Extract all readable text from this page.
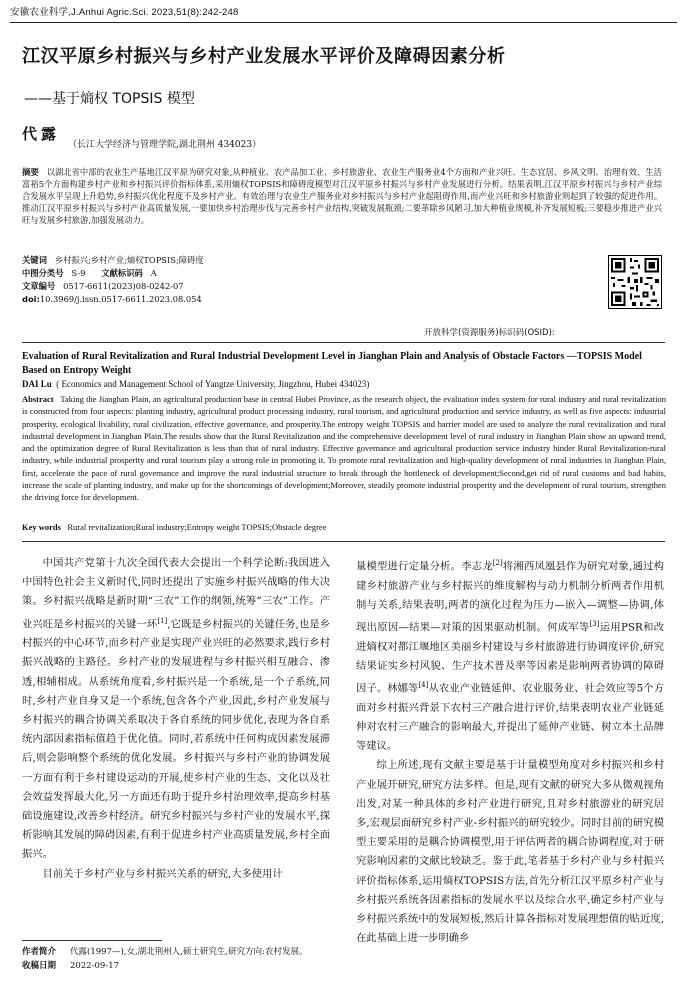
安徽农业科学,J.Anhui Agric.Sci. 2023,51(8):242-248
江汉平原乡村振兴与乡村产业发展水平评价及障碍因素分析
——基于熵权 TOPSIS 模型
代露
（长江大学经济与管理学院,湖北荆州 434023）
摘要 以湖北省中部的农业生产基地江汉平原为研究对象,从种植业、农产品加工业、乡村旅游业、农业生产服务业4个方面和产业兴旺、生态宜居、乡风文明、治理有效、生活富裕5个方面构建乡村产业和乡村振兴评价指标体系,采用熵权TOPSIS和障碍度模型对江汉平原乡村振兴与乡村产业发展进行分析。结果表明,江汉平原乡村振兴与乡村产业综合发展水平呈现上升趋势,乡村振兴优化程度不及乡村产业。有效治理与农业生产服务业对乡村振兴与乡村产业起阻碍作用,而产业兴旺和乡村旅游业则起到了较强的促进作用。推动江汉平原乡村振兴与乡村产业高质量发展,一要加快乡村治理步伐与完善乡村产业结构,突破发展瓶颈;二要革除乡风陋习,加大种植业规模,补齐发展短板;三要稳步推进产业兴旺与发展乡村旅游,加强发展动力。
关键词 乡村振兴;乡村产业;熵权TOPSIS;障碍度
中图分类号 S-9 文献标识码 A
文章编号 0517-6611(2023)08-0242-07
doi:10.3969/j.issn.0517-6611.2023.08.054
开放科学(资源服务)标识码(OSID):
Evaluation of Rural Revitalization and Rural Industrial Development Level in Jianghan Plain and Analysis of Obstacle Factors —TOPSIS Model Based on Entropy Weight
DAI Lu ( Economics and Management School of Yangtze University, Jingzhou, Hubei 434023)
Abstract Taking the Jianghan Plain, an agricultural production base in central Hubei Province, as the research object, the evaluation index system for rural industry and rural revitalization is constructed from four aspects: planting industry, agricultural product processing industry, rural tourism, and agricultural production and service industry, as well as five aspects: industrial prosperity, ecological livability, rural civilization, effective governance, and prosperity.The entropy weight TOPSIS and barrier model are used to analyze the rural revitalization and rural industrial development in Jianghan Plain.The results show that the Rural Revitalization and the comprehensive development level of rural industry in Jianghan Plain show an upward trend, and the optimization degree of Rural Revitalization is less than that of rural industry. Effective governance and agricultural production service industry hinder Rural Revitalization-rural industry, while industrial prosperity and rural tourism play a strong role in promoting it. To promote rural revitalization and high-quality development of rural industries in Jianghan Plain, first, accelerate the pace of rural governance and improve the rural industrial structure to break through the bottleneck of development;Second,get rid of rural customs and bad habits, increase the scale of planting industry, and make up for the shortcomings of development;Moreover, steadily promote industrial prosperity and the development of rural tourism, strengthen the driving force for development.
Key words Rural revitalization;Rural industry;Entropy weight TOPSIS;Obstacle degree

中国共产党第十九次全国代表大会提出一个科学论断:我国进入中国特色社会主义新时代,同时还提出了实施乡村振兴战略的伟大决策。乡村振兴战略是新时期“三农”工作的纲领,统筹“三农”工作。产业兴旺是乡村振兴的关键一环[1],它既是乡村振兴的关键任务,也是乡村振兴的中心环节,而乡村产业是实现产业兴旺的必然要求,践行乡村振兴战略的主路径。乡村产业的发展进程与乡村振兴相互融合、渗透,相辅相成。从系统角度看,乡村振兴是一个系统,是一个子系统,同时,乡村产业自身又是一个系统,包含各个产业,因此,乡村产业发展与乡村振兴的耦合协调关系取决于各自系统的同步优化,表现为各自系统内部因素指标值趋于优化值。同时,若系统中任何构成因素发展滞后,则会影响整个系统的优化发展。乡村振兴与乡村产业的协调发展一方面有利于乡村建设运动的开展,使乡村产业的生态、文化以及社会效益发挥最大化,另一方面还有助于提升乡村治理效率,提高乡村基础设施建设,改善乡村经济。研究乡村振兴与乡村产业的发展水平,探析影响其发展的障碍因素,有利于促进乡村产业高质量发展,乡村全面振兴。

目前关于乡村产业与乡村振兴关系的研究,大多使用计

量模型进行定量分析。李志龙[2]将湘西凤凰县作为研究对象,通过构建乡村旅游产业与乡村振兴的维度解构与动力机制分析两者作用机制与关系,结果表明,两者的演化过程为压力—嵌入—调整—协调,体现出原因—结果—对策的因果驱动机制。何成军等[3]运用PSR和改进熵权对都江堰地区美丽乡村建设与乡村旅游进行协调度评价,研究结果证实乡村风貌、生产技术普及率等因素是影响两者协调的障碍因子。林娜等[4]从农业产业链延伸、农业服务业、社会效应等5个方面对乡村振兴背景下农村三产融合进行评价,结果表明农业产业链延伸对农村三产融合的影响最大,并提出了延伸产业链、树立本土品牌等建议。

综上所述,现有文献主要是基于计量模型角度对乡村振兴和乡村产业展开研究,研究方法多样。但是,现有文献的研究大多从微观视角出发,对某一种具体的乡村产业进行研究,且对乡村旅游业的研究居多,宏观层面研究乡村产业-乡村振兴的研究较少。同时目前的研究模型主要采用的是耦合协调模型,用于评估两者的耦合协调程度,对于研究影响因素的文献比较缺乏。鉴于此,笔者基于乡村产业与乡村振兴评价指标体系,运用熵权TOPSIS方法,首先分析江汉平原乡村产业与乡村振兴系统各因素指标的发展水平以及综合水平,确定乡村产业与乡村振兴系统中的发展短板,然后计算各指标对发展理想值的贴近度,在此基础上进一步明确乡

作者简介 代露(1997—),女,湖北荆州人,硕士研究生,研究方向:农村发展。
收稿日期 2022-09-17
